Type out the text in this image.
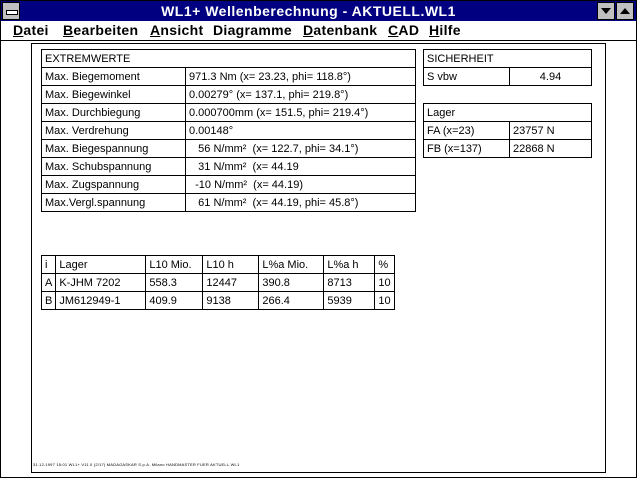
WL1+ Wellenberechnung - AKTUELL.WL1
Datei Bearbeiten Ansicht Diagramme Datenbank CAD Hilfe
EXTREMWERTE	
Max. Biegemoment	971.3 Nm (x= 23.23, phi= 118.8°)
Max. Biegewinkel	0.00279° (x= 137.1, phi= 219.8°)
Max. Durchbiegung	0.000700mm (x= 151.5, phi= 219.4°)
Max. Verdrehung	0.00148°
Max. Biegespannung	56 N/mm²  (x= 122.7, phi= 34.1°)
Max. Schubspannung	31 N/mm²  (x= 44.19
Max. Zugspannung	-10 N/mm²  (x= 44.19)
Max.Vergl.spannung	61 N/mm²  (x= 44.19, phi= 45.8°)
SICHERHEIT
S vbw	4.94
Lager	
FA (x=23)	23757 N
FB (x=137)	22868 N
i	Lager	L10 Mio.	L10 h	L%a Mio.	L%a h	%
A	K-JHM 7202	558.3	12447	390.8	8713	10
B	JM612949-1	409.9	9138	266.4	5939	10
31.12.1997 15:01 WL1+ V11.0 (2/17) MADAGASKAR S.p.A. Milano HANDMASTER FUER AKTUELL.WL1
